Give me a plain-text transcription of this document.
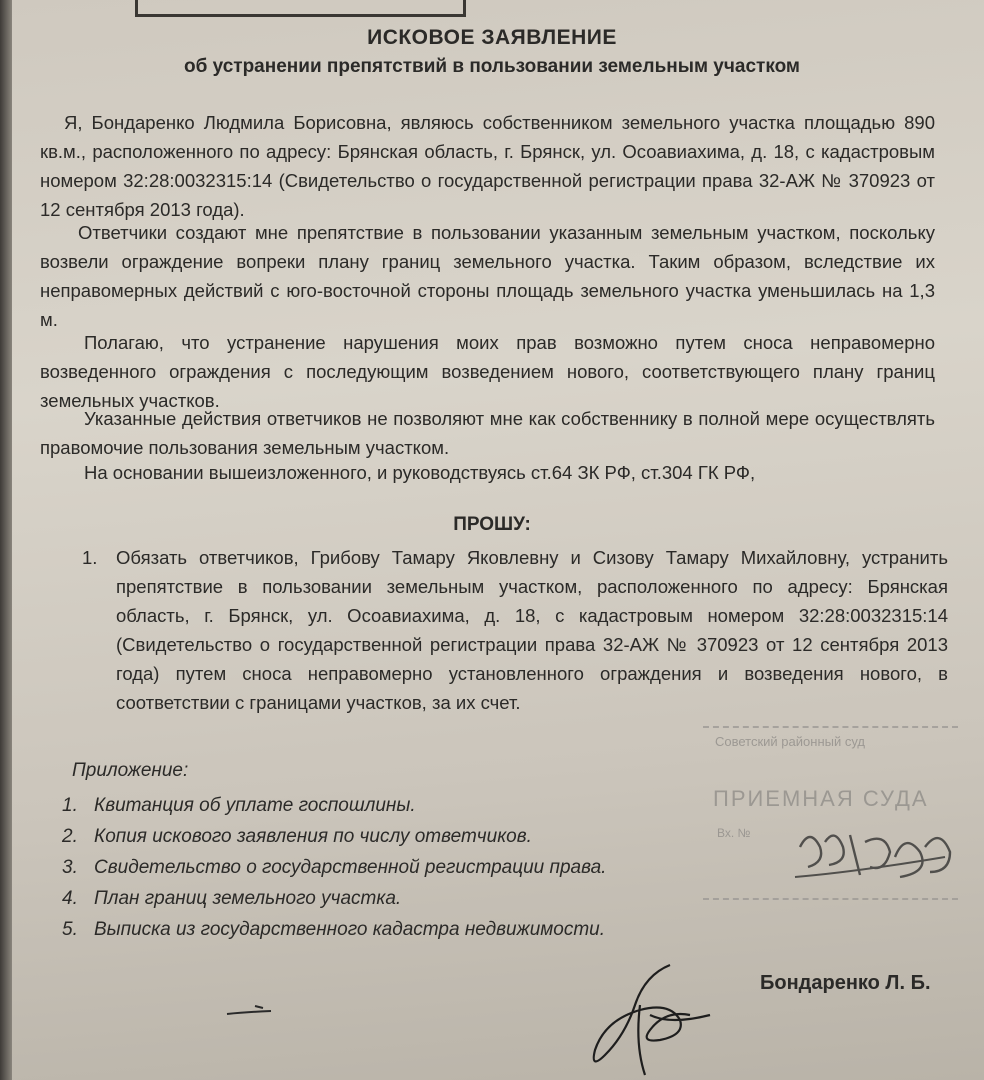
ИСКОВОЕ ЗАЯВЛЕНИЕ
об устранении препятствий в пользовании земельным участком
Я, Бондаренко Людмила Борисовна, являюсь собственником земельного участка площадью 890 кв.м., расположенного по адресу: Брянская область, г. Брянск, ул. Осоавиахима, д. 18, с кадастровым номером 32:28:0032315:14 (Свидетельство о государственной регистрации права 32-АЖ № 370923 от 12 сентября 2013 года).
Ответчики создают мне препятствие в пользовании указанным земельным участком, поскольку возвели ограждение вопреки плану границ земельного участка. Таким образом, вследствие их неправомерных действий с юго-восточной стороны площадь земельного участка уменьшилась на 1,3 м.
Полагаю, что устранение нарушения моих прав возможно путем сноса неправомерно возведенного ограждения с последующим возведением нового, соответствующего плану границ земельных участков.
Указанные действия ответчиков не позволяют мне как собственнику в полной мере осуществлять правомочие пользования земельным участком.
На основании вышеизложенного, и руководствуясь ст.64 ЗК РФ, ст.304 ГК РФ,
ПРОШУ:
1. Обязать ответчиков, Грибову Тамару Яковлевну и Сизову Тамару Михайловну, устранить препятствие в пользовании земельным участком, расположенного по адресу: Брянская область, г. Брянск, ул. Осоавиахима, д. 18, с кадастровым номером 32:28:0032315:14 (Свидетельство о государственной регистрации права 32-АЖ № 370923 от 12 сентября 2013 года) путем сноса неправомерно установленного ограждения и возведения нового, в соответствии с границами участков, за их счет.
Приложение:
1. Квитанция об уплате госпошлины.
2. Копия искового заявления по числу ответчиков.
3. Свидетельство о государственной регистрации права.
4. План границ земельного участка.
5. Выписка из государственного кадастра недвижимости.
Советский районный суд
ПРИЕМНАЯ СУДА
Вх. №
Бондаренко Л. Б.
